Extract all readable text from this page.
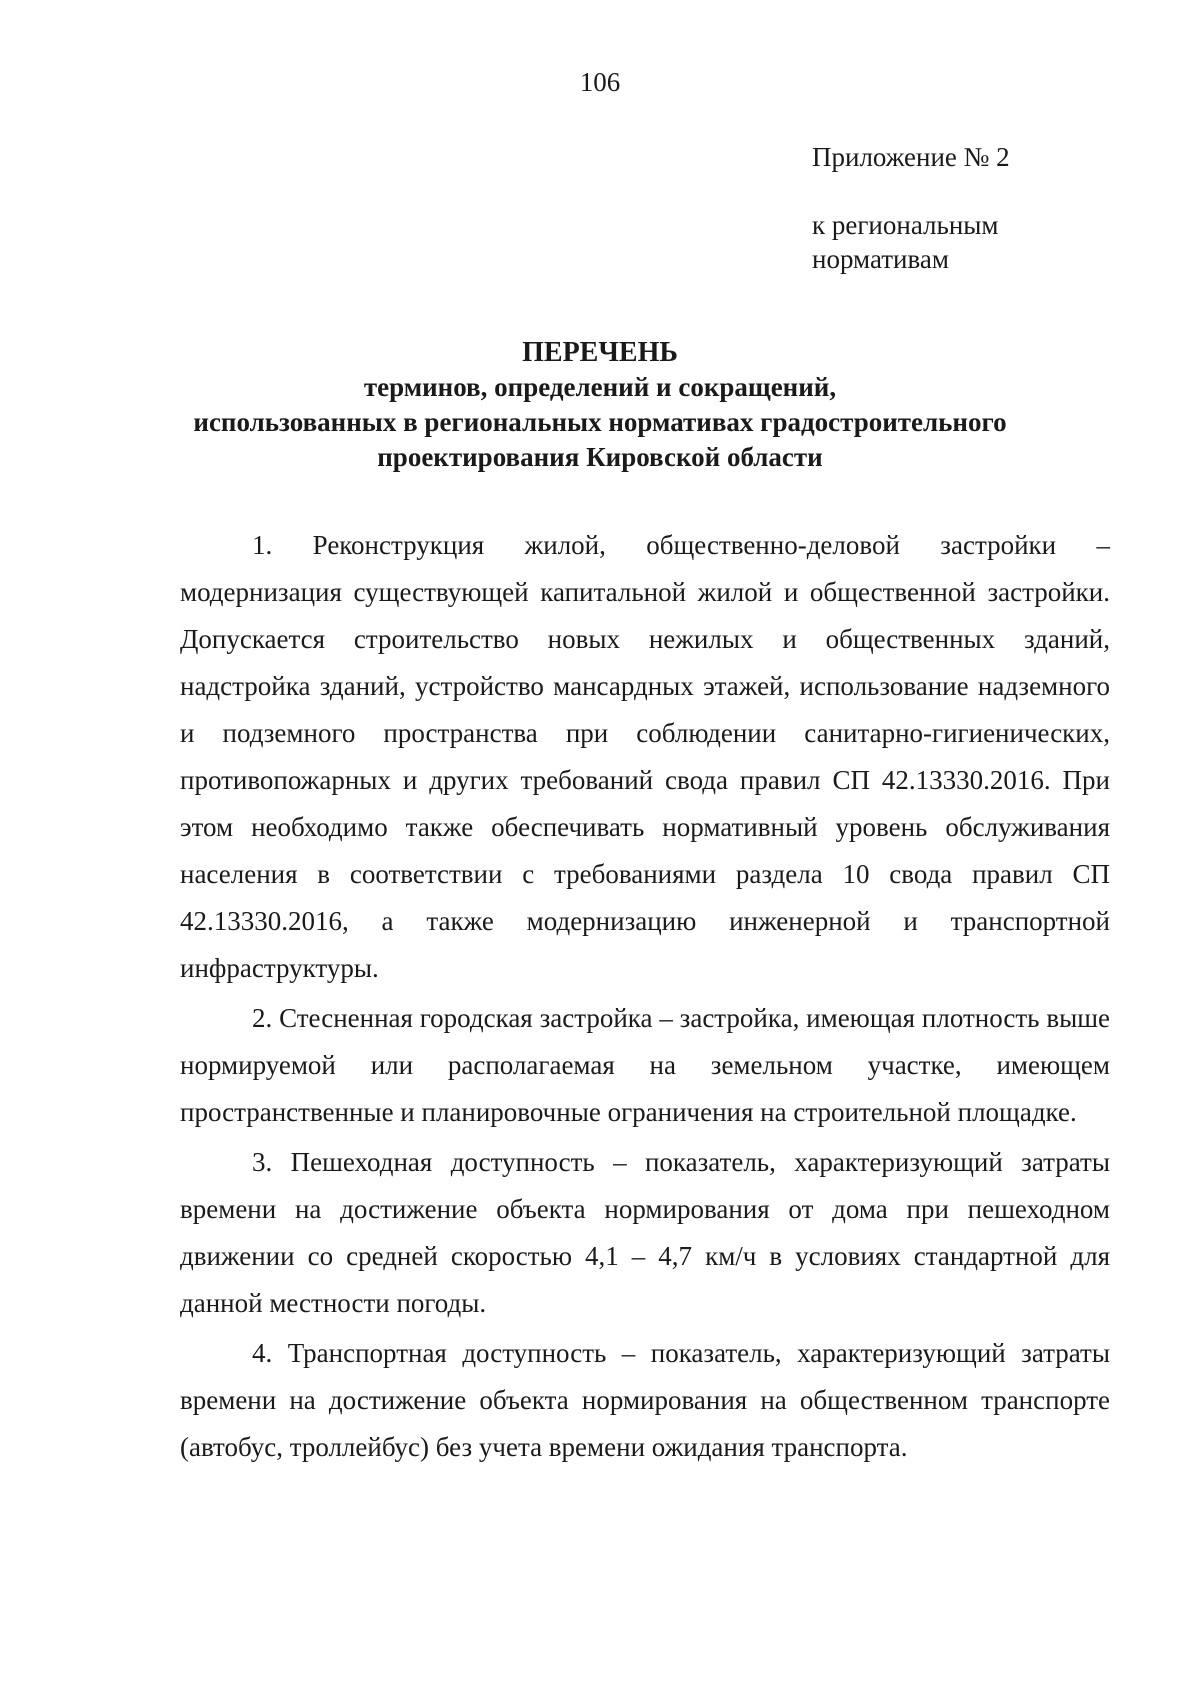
106
Приложение № 2
к региональным
нормативам
ПЕРЕЧЕНЬ
терминов, определений и сокращений,
использованных в региональных нормативах градостроительного
проектирования Кировской области

1. Реконструкция жилой, общественно-деловой застройки – модернизация существующей капитальной жилой и общественной застройки. Допускается строительство новых нежилых и общественных зданий, надстройка зданий, устройство мансардных этажей, использование надземного и подземного пространства при соблюдении санитарно-гигиенических, противопожарных и других требований свода правил СП 42.13330.2016. При этом необходимо также обеспечивать нормативный уровень обслуживания населения в соответствии с требованиями раздела 10 свода правил СП 42.13330.2016, а также модернизацию инженерной и транспортной инфраструктуры.

2. Стесненная городская застройка – застройка, имеющая плотность выше нормируемой или располагаемая на земельном участке, имеющем пространственные и планировочные ограничения на строительной площадке.

3. Пешеходная доступность – показатель, характеризующий затраты времени на достижение объекта нормирования от дома при пешеходном движении со средней скоростью 4,1 – 4,7 км/ч в условиях стандартной для данной местности погоды.

4. Транспортная доступность – показатель, характеризующий затраты времени на достижение объекта нормирования на общественном транспорте (автобус, троллейбус) без учета времени ожидания транспорта.
